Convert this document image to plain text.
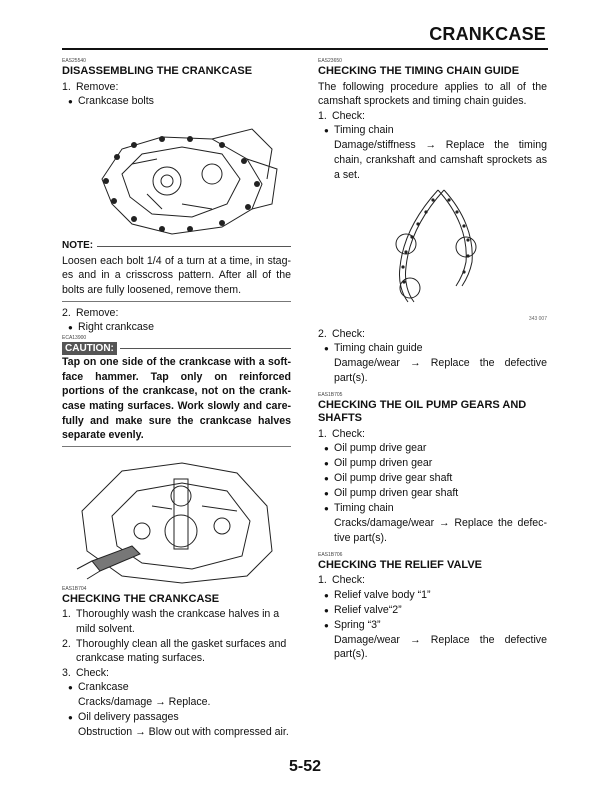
CRANKCASE
EAS25540
DISASSEMBLING THE CRANKCASE
1. Remove:
● Crankcase bolts
NOTE:
Loosen each bolt 1/4 of a turn at a time, in stag-es and in a crisscross pattern. After all of the bolts are fully loosened, remove them.
2. Remove:
● Right crankcase
ECA13900
CAUTION:
Tap on one side of the crankcase with a soft-face hammer. Tap only on reinforced portions of the crankcase, not on the crank-case mating surfaces. Work slowly and care-fully and make sure the crankcase halves separate evenly.
EAS1B704
CHECKING THE CRANKCASE
1. Thoroughly wash the crankcase halves in a mild solvent.
2. Thoroughly clean all the gasket surfaces and crankcase mating surfaces.
3. Check:
● Crankcase
Cracks/damage → Replace.
● Oil delivery passages
Obstruction → Blow out with compressed air.
EAS23650
CHECKING THE TIMING CHAIN GUIDE
The following procedure applies to all of the camshaft sprockets and timing chain guides.
1. Check:
● Timing chain
Damage/stiffness → Replace the timing chain, crankshaft and camshaft sprockets as a set.
343 007
2. Check:
● Timing chain guide
Damage/wear → Replace the defective part(s).
EAS1B705
CHECKING THE OIL PUMP GEARS AND SHAFTS
1. Check:
● Oil pump drive gear
● Oil pump driven gear
● Oil pump drive gear shaft
● Oil pump driven gear shaft
● Timing chain
Cracks/damage/wear → Replace the defec-tive part(s).
EAS1B706
CHECKING THE RELIEF VALVE
1. Check:
● Relief valve body “1”
● Relief valve“2”
● Spring “3”
Damage/wear → Replace the defective part(s).
5-52
